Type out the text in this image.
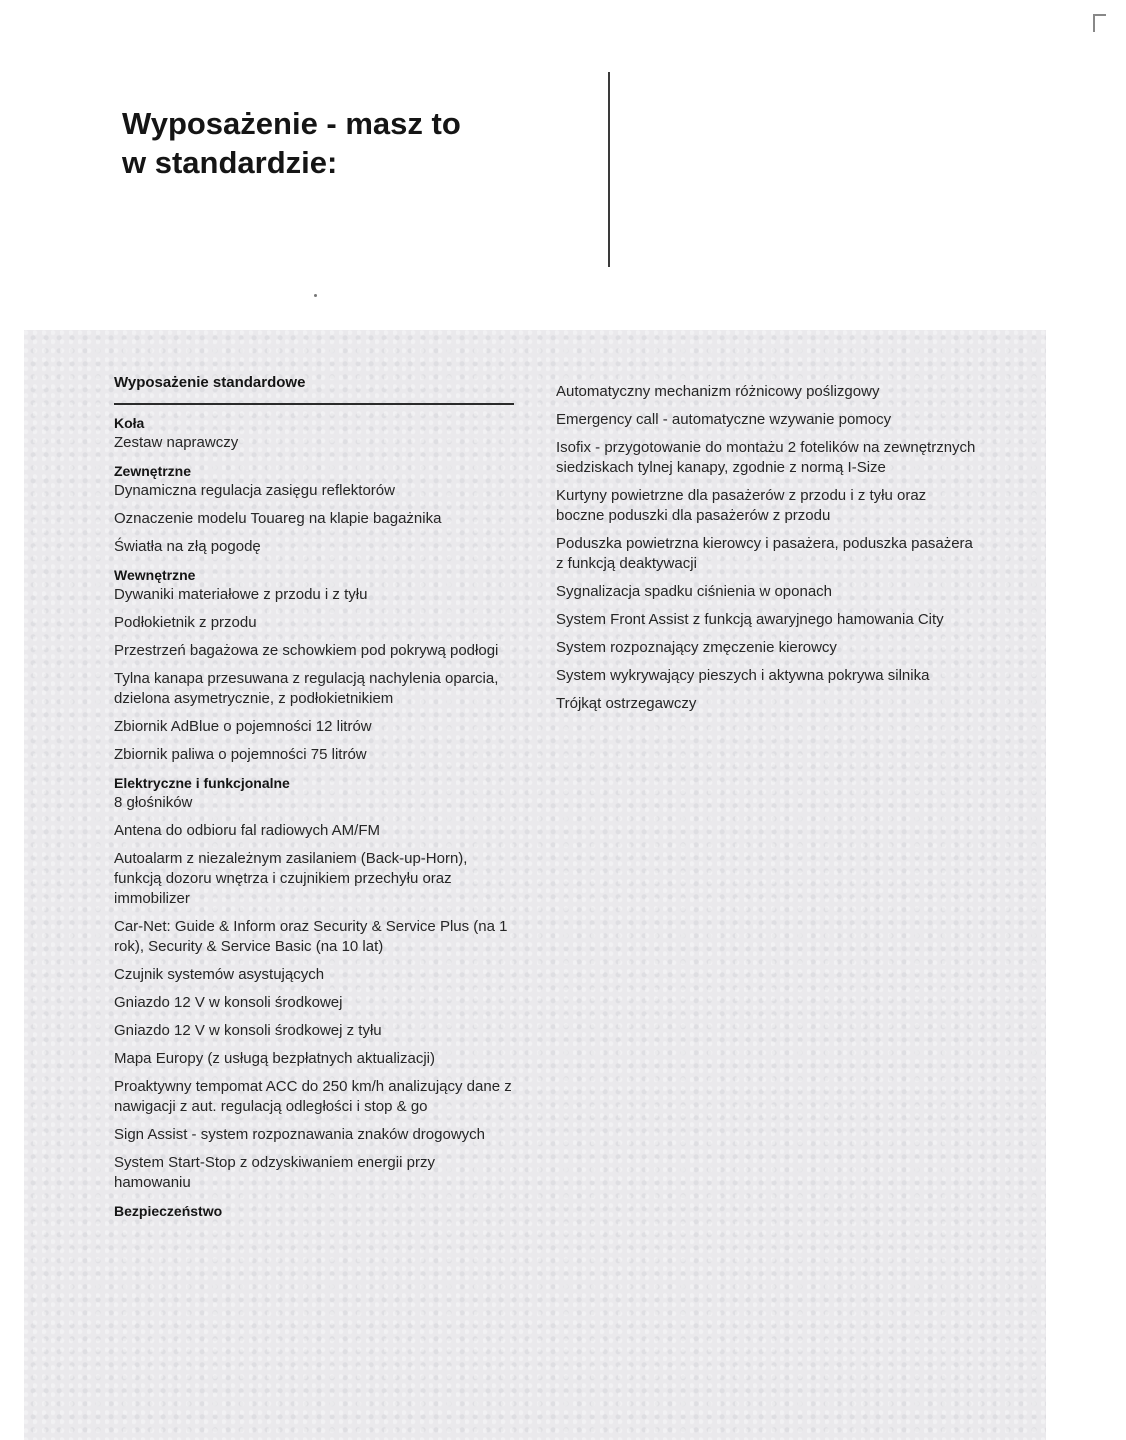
Wyposażenie - masz to
w standardzie:
Wyposażenie standardowe
Koła
Zestaw naprawczy
Zewnętrzne
Dynamiczna regulacja zasięgu reflektorów
Oznaczenie modelu Touareg na klapie bagażnika
Światła na złą pogodę
Wewnętrzne
Dywaniki materiałowe z przodu i z tyłu
Podłokietnik z przodu
Przestrzeń bagażowa ze schowkiem pod pokrywą podłogi
Tylna kanapa przesuwana z regulacją nachylenia oparcia, dzielona asymetrycznie, z podłokietnikiem
Zbiornik AdBlue o pojemności 12 litrów
Zbiornik paliwa o pojemności 75 litrów
Elektryczne i funkcjonalne
8 głośników
Antena do odbioru fal radiowych AM/FM
Autoalarm z niezależnym zasilaniem (Back-up-Horn), funkcją dozoru wnętrza i czujnikiem przechyłu oraz immobilizer
Car-Net: Guide & Inform oraz Security & Service Plus (na 1 rok), Security & Service Basic (na 10 lat)
Czujnik systemów asystujących
Gniazdo 12 V w konsoli środkowej
Gniazdo 12 V w konsoli środkowej z tyłu
Mapa Europy (z usługą bezpłatnych aktualizacji)
Proaktywny tempomat ACC do 250 km/h analizujący dane z nawigacji z aut. regulacją odległości i stop & go
Sign Assist - system rozpoznawania znaków drogowych
System Start-Stop z odzyskiwaniem energii przy hamowaniu
Bezpieczeństwo
Automatyczny mechanizm różnicowy poślizgowy
Emergency call - automatyczne wzywanie pomocy
Isofix - przygotowanie do montażu 2 fotelików na zewnętrznych siedziskach tylnej kanapy, zgodnie z normą I-Size
Kurtyny powietrzne dla pasażerów z przodu i z tyłu oraz boczne poduszki dla pasażerów z przodu
Poduszka powietrzna kierowcy i pasażera, poduszka pasażera z funkcją deaktywacji
Sygnalizacja spadku ciśnienia w oponach
System Front Assist z funkcją awaryjnego hamowania City
System rozpoznający zmęczenie kierowcy
System wykrywający pieszych i aktywna pokrywa silnika
Trójkąt ostrzegawczy
